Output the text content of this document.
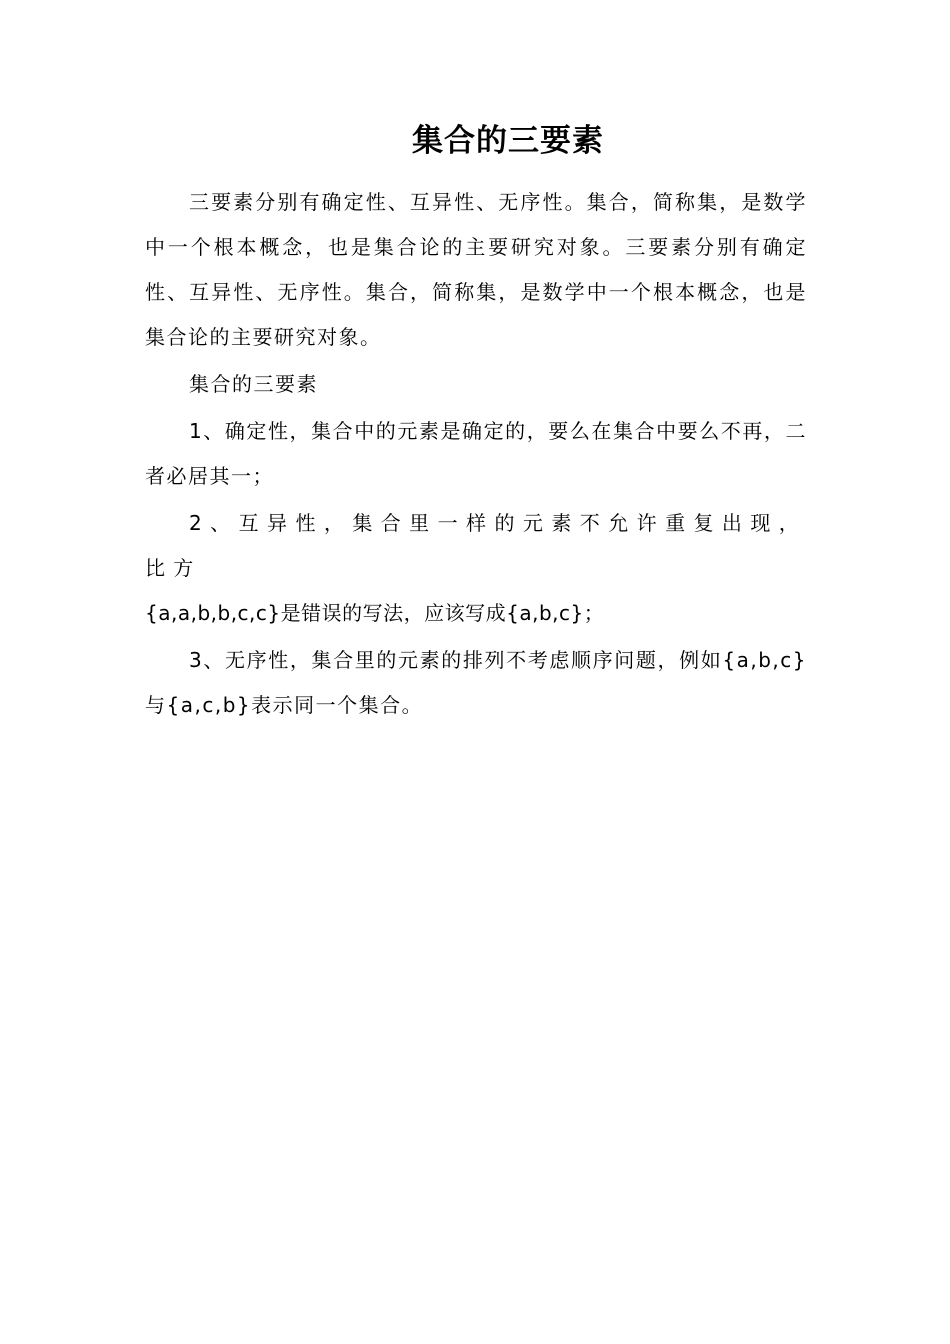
集合的三要素

三要素分别有确定性、互异性、无序性。集合，简称集，是数学中一个根本概念，也是集合论的主要研究对象。三要素分别有确定性、互异性、无序性。集合，简称集，是数学中一个根本概念，也是集合论的主要研究对象。

集合的三要素

1、确定性，集合中的元素是确定的，要么在集合中要么不再，二者必居其一；

2、互异性，集合里一样的元素不允许重复出现，比方
{a,a,b,b,c,c}是错误的写法，应该写成{a,b,c}；

3、无序性，集合里的元素的排列不考虑顺序问题，例如{a,b,c}与{a,c,b}表示同一个集合。
